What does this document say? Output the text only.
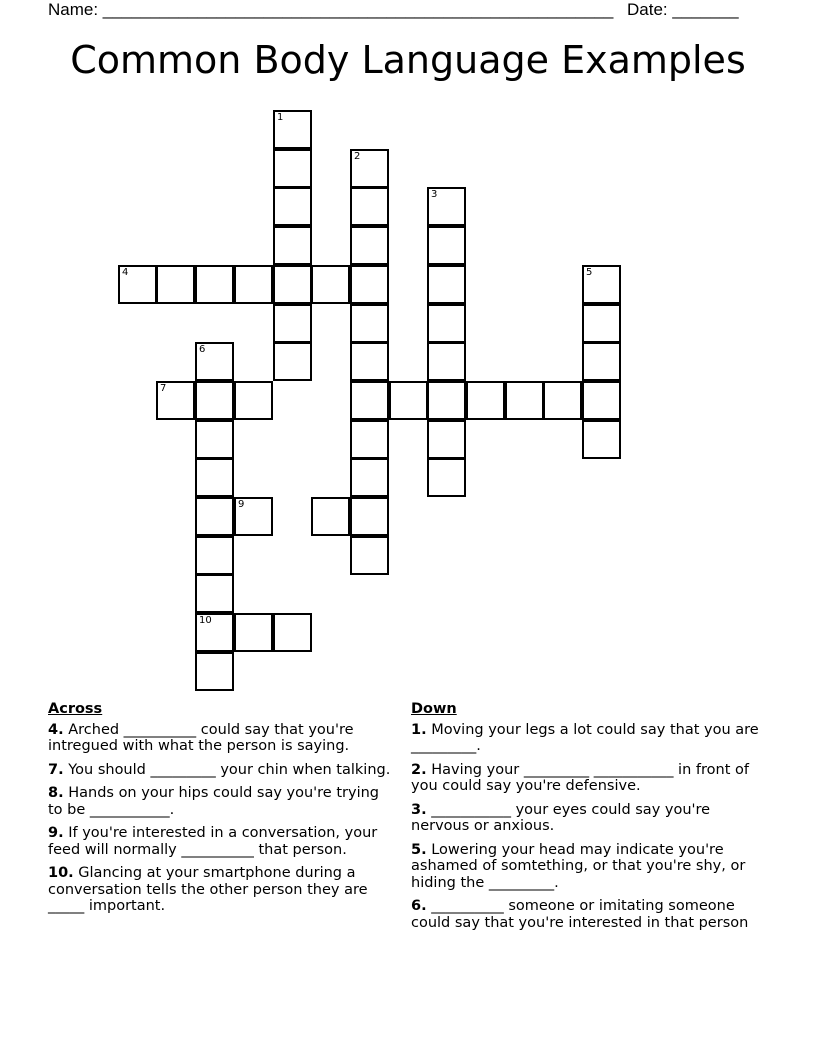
Name: ______________________________________________________ Date: _______
Common Body Language Examples
1
2
3
4	5
6
10
7
9
Across
4. Arched __________ could say that you're intregued with what the person is saying.
7. You should _________ your chin when talking.
8. Hands on your hips could say you're trying to be ___________.
9. If you're interested in a conversation, your feed will normally __________ that person.
10. Glancing at your smartphone during a conversation tells the other person they are _____ important.
Down
1. Moving your legs a lot could say that you are _________.
2. Having your _________ ___________ in front of you could say you're defensive.
3. ___________ your eyes could say you're nervous or anxious.
5. Lowering your head may indicate you're ashamed of somtething, or that you're shy, or hiding the _________.
6. __________ someone or imitating someone could say that you're interested in that person
